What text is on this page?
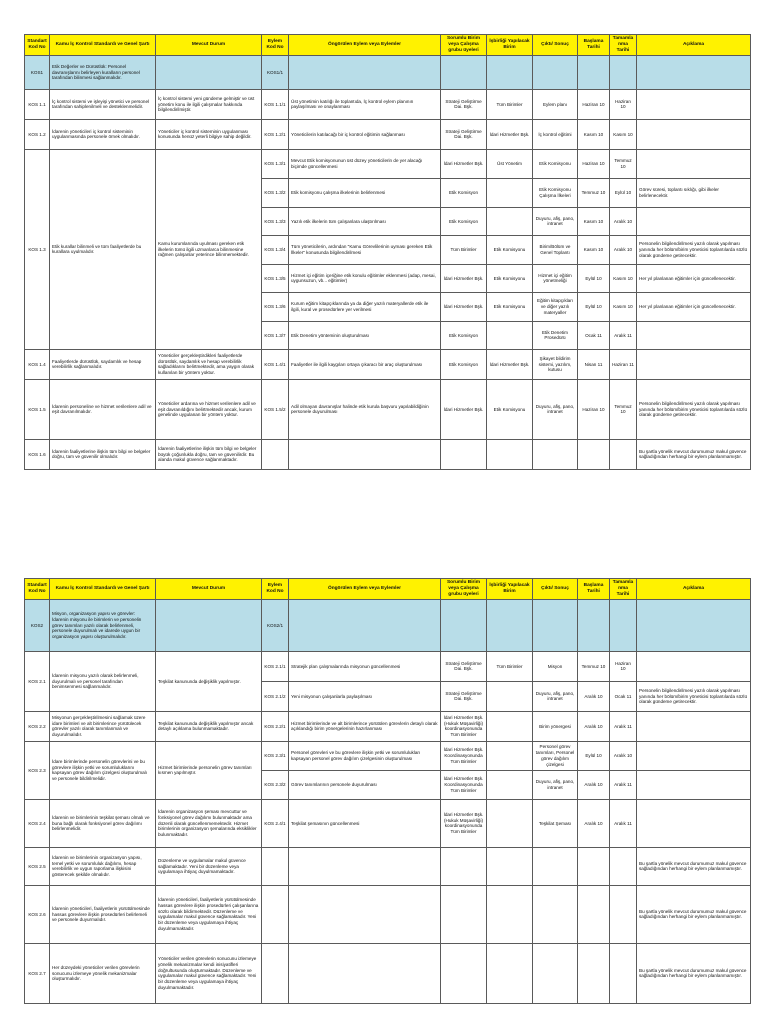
Standart Kod No	Kamu İç Kontrol Standardı ve Genel Şartı	Mevcut Durum	Eylem Kod No	Öngörülen Eylem veya Eylemler	Sorumlu Birim veya Çalışma grubu üyeleri	İşbirliği Yapılacak Birim	Çıktı/ Sonuç	Başlama Tarihi	Tamamlanma Tarihi	Açıklama
KOS1	Etik Değerler ve Dürüstlük: Personel davranışlarını belirleyen kuralların personel tarafından bilinmesi sağlanmalıdır.		KOS1/1							
KOS 1.1	İç kontrol sistemi ve işleyişi yönetici ve personel tarafından sahiplenilmeli ve desteklenmelidir.	İç kontrol sistemi yeni gündeme gelmiştir ve üst yönetim konu ile ilgili çalışmalar hakkında bilgilendirilmiştir.	KOS 1.1/1	Üst yönetimin katılığı ile toplantıda, İç kontrol eylem planının paylaşılması ve onaylanması	Strateji Geliştirme Dai. Bşk.	Tüm Birimler	Eylem planı	Haziran 10	Haziran 10	
KOS 1.2	İdarenin yöneticileri iç kontrol sisteminin uygulanmasında personele örnek olmalıdır.	Yöneticiler iç kontrol sisteminin uygulanması konusunda henüz yeterli bilgiye sahip değildir.	KOS 1.2/1	Yöneticilerin katılacağı bir iç kontrol eğitimin sağlanması	Strateji Geliştirme Dai. Bşk.	İdari Hizmetler Bşk.	İç kontrol eğitimi	Kasım 10	Kasım 10	
KOS 1.3	Etik kurallar bilinmeli ve tüm faaliyetlerde bu kurallara uyulmalıdır.	Kamu kurumlarında uyulması gereken etik ilkelerin tümü ilgili uzmanlarca bilinmesine rağmen çalışanlar yeterince bilinmemektedir.	KOS 1.3/1	Mevcut Etik komisyonunun üst düzey yöneticilerin de yer alacağı biçimde güncellenmesi	İdari Hizmetler Bşk.	Üst Yönetim	Etik Komisyonu	Haziran 10	Temmuz 10	
			KOS 1.3/2	Etik komisyonu çalışma ilkelerinin belirlenmesi	Etik Komisyon		Etik Komisyonu Çalışma İlkeleri	Temmuz 10	Eylül 10	Görev süresi, toplantı sıklığı, gibi ilkeler belirlenecektir.
			KOS 1.3/3	Yazılı etik ilkelerin tüm çalışanlara ulaştırılması	Etik Komisyon		Duyuru, afiş, pano, intranet	Kasım 10	Aralık 10	
			KOS 1.3/4	Tüm yöneticilerin, ardından "Kamu Görevlilerinin uyması gereken Etik İlkeler" konusunda bilgilendirilmesi	Tüm Birimler	Etik Komisyonu	Birim/Bölüm ve Genel Toplantı	Kasım 10	Aralık 10	Personelin bilgilendirilmesi yazılı olarak yapılması yanında her bölüm/birim yöneticisi toplantılarda sözlü olarak gündeme getirecektir.
			KOS 1.3/5	Hizmet içi eğitim içeriğine etik konulu eğitimler eklenmesi (adap, mesai, uygunsuzun, vb... eğitimler)	İdari Hizmetler Bşk.	Etik Komisyonu	Hizmet içi eğitim yönetmeliği	Eylül 10	Kasım 10	Her yıl planlanan eğitimler için güncellenecektir.
			KOS 1.3/6	Kurum eğitim kitapçıklarında ya da diğer yazılı materyallerde etik ile ilgili, kural ve prosedürlere yer verilmesi	İdari Hizmetler Bşk.	Etik Komisyonu	Eğitim kitapçıkları ve diğer yazılı materyaller	Eylül 10	Kasım 10	Her yıl planlanan eğitimler için güncellenecektir.
			KOS 1.3/7	Etik Denetim yönteminin oluşturulması	Etik Komisyon		Etik Denetim Prosedürü	Ocak 11	Aralık 11	
KOS 1.4	Faaliyetlerde dürüstlük, saydamlık ve hesap verebilirlik sağlanmalıdır.	Yöneticiler gerçekleştirdikleri faaliyetlerde dürüstlük, saydamlık ve hesap verebilirlik sağladıklarını belirtmektedir, ama yaygın olarak kullanılan bir yöntem yoktur.	KOS 1.4/1	Faaliyetler ile ilgili kaygıları ortaya çıkaracı bir araç oluşturulması	Etik Komisyon	İdari Hizmetler Bşk.	Şikayet bildirim sistemi, yazılım, kutusu	Nisan 11	Haziran 11	
KOS 1.5	İdarenin personeline ve hizmet verilenlere adil ve eşit davranılmalıdır.	Yöneticiler ardarına ve hizmet verilenlere adil ve eşit davranıldığını belirtmektedir ancak, kurum genelinde uygulanan bir yöntem yoktur.	KOS 1.5/2	Adil olmayan davranışlar halinde etik kurula başvuru yapılabildiğinin personele duyurulması	İdari Hizmetler Bşk.	Etik Komisyonu	Duyuru, afiş, pano, intranet	Haziran 10	Temmuz 10	Personelin bilgilendirilmesi yazılı olarak yapılması yanında her bölüm/birim yöneticisi toplantılarda sözlü olarak gündeme getirecektir.
KOS 1.6	İdarenin faaliyetlerine ilişkin tüm bilgi ve belgeler doğru, tam ve güvenilir olmalıdır.	İdarenin faaliyetlerine ilişkin tüm bilgi ve belgeler büyük çoğunlukla doğru, tam ve güvenilirdir. Bu alanda makul güvence sağlanmaktadır.								Bu şartla yönelik mevcut durumumuz makul güvence sağladığından herhangi bir eylem planlanmamıştır.
Standart Kod No	Kamu İç Kontrol Standardı ve Genel Şartı	Mevcut Durum	Eylem Kod No	Öngörülen Eylem veya Eylemler	Sorumlu Birim veya Çalışma grubu üyeleri	İşbirliği Yapılacak Birim	Çıktı/ Sonuç	Başlama Tarihi	Tamamlanma Tarihi	Açıklama
KOS2	Misyon, organizasyon yapısı ve görevler: İdarenin misyonu ile birimlerin ve personelin görev tanımları yazılı olarak belirlenmeli, personele duyurulmalı ve idarede uygun bir organizasyon yapısı oluşturulmalıdır.		KOS2/1							
KOS 2.1	İdarenin misyonu yazılı olarak belirlenmeli, duyurulmalı ve personel tarafından benimsenmesi sağlanmalıdır.	Teşkilat kanununda değişiklik yapılmıştır.	KOS 2.1/1	Stratejik plan çalışmalarında misyonun güncellenmesi	Strateji Geliştirme Dai. Bşk.	Tüm Birimler	Misyon	Temmuz 10	Haziran 10	
			KOS 2.1/2	Yeni misyonun çalışanlarla paylaşılması	Strateji Geliştirme Dai. Bşk.		Duyuru, afiş, pano, intranet	Aralık 10	Ocak 11	Personelin bilgilendirilmesi yazılı olarak yapılması yanında her bölüm/birim yöneticisi toplantılarda sözlü olarak gündeme getirecektir.
KOS 2.2	Misyonun gerçekleştirilmesini sağlamak üzere idare birimleri ve alt birimlerince yürütülecek görevler yazılı olarak tanımlanmalı ve duyurulmalıdır.	Teşkilat kanununda değişiklik yapılmıştır ancak detaylı açıklama bulunmamaktadır.	KOS 2.2/1	Hizmet birimlerinde ve alt birimlerince yürütülen görevlerin detaylı olarak açıklandığı birim yönergelerinin hazırlanması	İdari Hizmetler Bşk.(Hukuk Müşavirliği) koordinasyonunda Tüm Birimler		Birim yönergesi	Aralık 10	Aralık 11	
KOS 2.3	İdare birimlerinde personelin görevlerini ve bu görevlere ilişkin yetki ve sorumluluklarını kapsayan görev dağılım çizelgesi oluşturulmalı ve personele bildirilmelidir.	Hizmet birimlerinde personelin görev tanımları kısmen yapılmıştır.	KOS 2.3/1	Personel görevleri ve bu görevlere ilişkin yetki ve sorumlulukları kapsayan personel görev dağılım çizelgesinin oluşturulması	İdari Hizmetler Bşk. Koordinasyonunda Tüm Birimler		Personel görev tanımları, Personel görev dağılım çizelgesi	Eylül 10	Aralık 10	
			KOS 2.3/2	Görev tanımlarının personele duyurulması	İdari Hizmetler Bşk. Koordinasyonunda Tüm Birimler		Duyuru, afiş, pano, intranet	Aralık 10	Aralık 11	
KOS 2.4	İdarenin ve birimlerinin teşkilat şeması olmalı ve buna bağlı olarak fonksiyonel görev dağılımı belirlenmelidir.	İdarenin organizasyon şeması mevcuttur ve fonksiyonel görev dağılımı bulunmaktadır ama düzenli olarak güncellenmemektedir. Hizmet birimlerinin organizasyon şemalarında eksiklikler bulunmaktadır.	KOS 2.4/1	Teşkilat şemasının güncellenmesi	İdari Hizmetler Bşk.(Hukuk Müşavirliği) koordinasyonunda Tüm Birimler		Teşkilat Şeması	Aralık 10	Aralık 11	
KOS 2.5	İdarenin ve birimlerinin organizasyon yapısı, temel yetki ve sorumluluk dağılımı, hesap verebilirlik ve uygun raporlama ilişkisini gösterecek şekilde olmalıdır.	Düzenleme ve uygulamalar makul güvence sağlamaktadır. Yeni bir düzenleme veya uygulamaya ihtiyaç duyulmamaktadır.								Bu şartla yönelik mevcut durumumuz makul güvence sağladığından herhangi bir eylem planlanmamıştır.
KOS 2.6	İdarenin yöneticileri, faaliyetlerin yürütülmesinde hassas görevlere ilişkin prosedürleri belirlemeli ve personele duyurmalıdır.	İdarenin yöneticileri, faaliyetlerin yürütülmesinde hassas görevlere ilişkin prosedürleri çalışanlarına sözlü olarak bildirmektedir. Düzenleme ve uygulamalar makul güvence sağlamaktadır. Yeni bir düzenleme veya uygulamaya ihtiyaç duyulmamaktadır.								Bu şartla yönelik mevcut durumumuz makul güvence sağladığından herhangi bir eylem planlanmamıştır.
KOS 2.7	Her düzeydeki yöneticiler verilen görevlerin sonucunu izlemeye yönelik mekanizmalar oluşturmalıdır.	Yöneticiler verilen görevlerin sonucunu izlemeye yönelik mekanizmalar kendi inisiyatifleri doğrultusunda oluşturmaktadır. Düzenleme ve uygulamalar makul güvence sağlamaktadır. Yeni bir düzenleme veya uygulamaya ihtiyaç duyulmamaktadır.								Bu şartla yönelik mevcut durumumuz makul güvence sağladığından herhangi bir eylem planlanmamıştır.
